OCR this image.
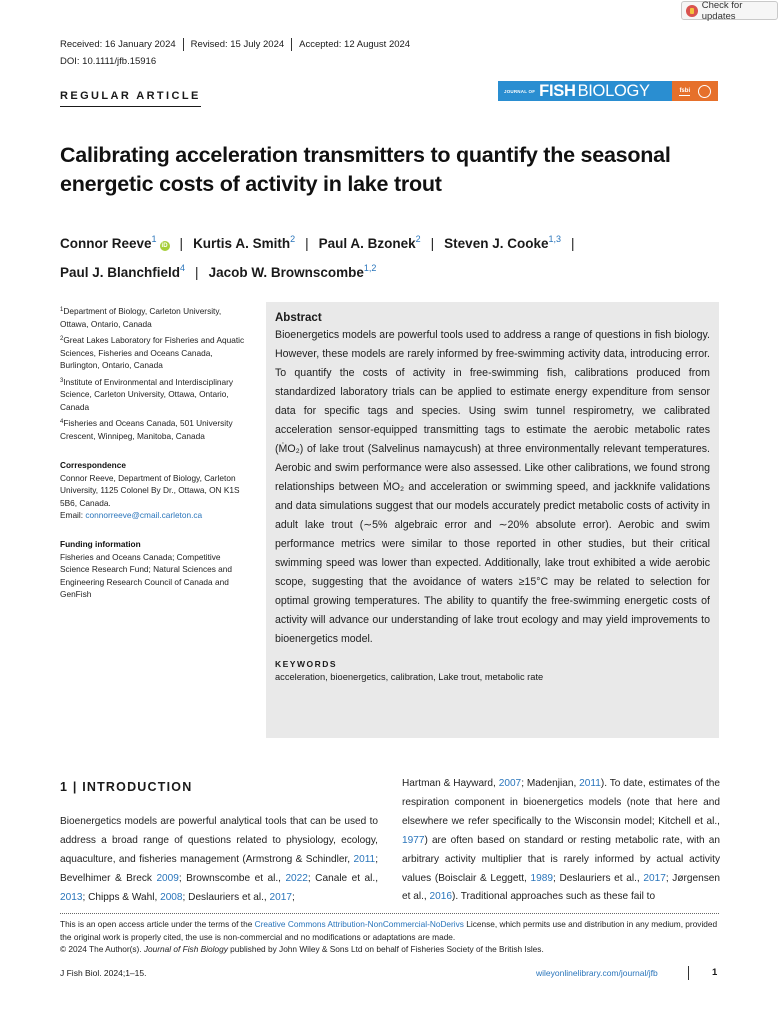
Check for updates
Received: 16 January 2024 Revised: 15 July 2024 Accepted: 12 August 2024
DOI: 10.1111/jfb.15916
REGULAR ARTICLE	JOURNAL OF FISH BIOLOGY	fsbi
Calibrating acceleration transmitters to quantify the seasonal
energetic costs of activity in lake trout
Connor Reeve$^1$iD | Kurtis A. Smith$^2$ | Paul A. Bzonek$^2$ | Steven J. Cooke$^{1,3}$ |
Paul J. Blanchfield$^4$ | Jacob W. Brownscombe$^{1,2}$

$^1$Department of Biology, Carleton University, Ottawa, Ontario, Canada

$^2$Great Lakes Laboratory for Fisheries and Aquatic Sciences, Fisheries and Oceans Canada, Burlington, Ontario, Canada

$^3$Institute of Environmental and Interdisciplinary Science, Carleton University, Ottawa, Ontario, Canada

$^4$Fisheries and Oceans Canada, 501 University Crescent, Winnipeg, Manitoba, Canada

Correspondence

Connor Reeve, Department of Biology, Carleton University, 1125 Colonel By Dr., Ottawa, ON K1S 5B6, Canada.

Email: connorreeve@cmail.carleton.ca

Funding information

Fisheries and Oceans Canada; Competitive Science Research Fund; Natural Sciences and Engineering Research Council of Canada and GenFish

Abstract
Bioenergetics models are powerful tools used to address a range of questions in fish biology. However, these models are rarely informed by free-swimming activity data, introducing error. To quantify the costs of activity in free-swimming fish, calibrations produced from standardized laboratory trials can be applied to estimate energy expenditure from sensor data for specific tags and species. Using swim tunnel respirometry, we calibrated acceleration sensor-equipped transmitting tags to estimate the aerobic metabolic rates (ṀO₂) of lake trout (Salvelinus namaycush) at three environmentally relevant temperatures. Aerobic and swim performance were also assessed. Like other calibrations, we found strong relationships between ṀO₂ and acceleration or swimming speed, and jackknife validations and data simulations suggest that our models accurately predict metabolic costs of activity in adult lake trout (∼5% algebraic error and ∼20% absolute error). Aerobic and swim performance metrics were similar to those reported in other studies, but their critical swimming speed was lower than expected. Additionally, lake trout exhibited a wide aerobic scope, suggesting that the avoidance of waters ≥15°C may be related to selection for optimal growing temperatures. The ability to quantify the free-swimming energetic costs of activity will advance our understanding of lake trout ecology and may yield improvements to bioenergetics model.
KEYWORDS
acceleration, bioenergetics, calibration, Lake trout, metabolic rate
1 | INTRODUCTION
Bioenergetics models are powerful analytical tools that can be used to address a broad range of questions related to physiology, ecology, aquaculture, and fisheries management (Armstrong & Schindler, 2011; Bevelhimer & Breck 2009; Brownscombe et al., 2022; Canale et al., 2013; Chipps & Wahl, 2008; Deslauriers et al., 2017;
Hartman & Hayward, 2007; Madenjian, 2011). To date, estimates of the respiration component in bioenergetics models (note that here and elsewhere we refer specifically to the Wisconsin model; Kitchell et al., 1977) are often based on standard or resting metabolic rate, with an arbitrary activity multiplier that is rarely informed by actual activity values (Boisclair & Leggett, 1989; Deslauriers et al., 2017; Jørgensen et al., 2016). Traditional approaches such as these fail to

This is an open access article under the terms of the Creative Commons Attribution-NonCommercial-NoDerivs License, which permits use and distribution in any medium, provided the original work is properly cited, the use is non-commercial and no modifications or adaptations are made.

© 2024 The Author(s). Journal of Fish Biology published by John Wiley & Sons Ltd on behalf of Fisheries Society of the British Isles.

J Fish Biol. 2024;1–15.	wileyonlinelibrary.com/journal/jfb	1
